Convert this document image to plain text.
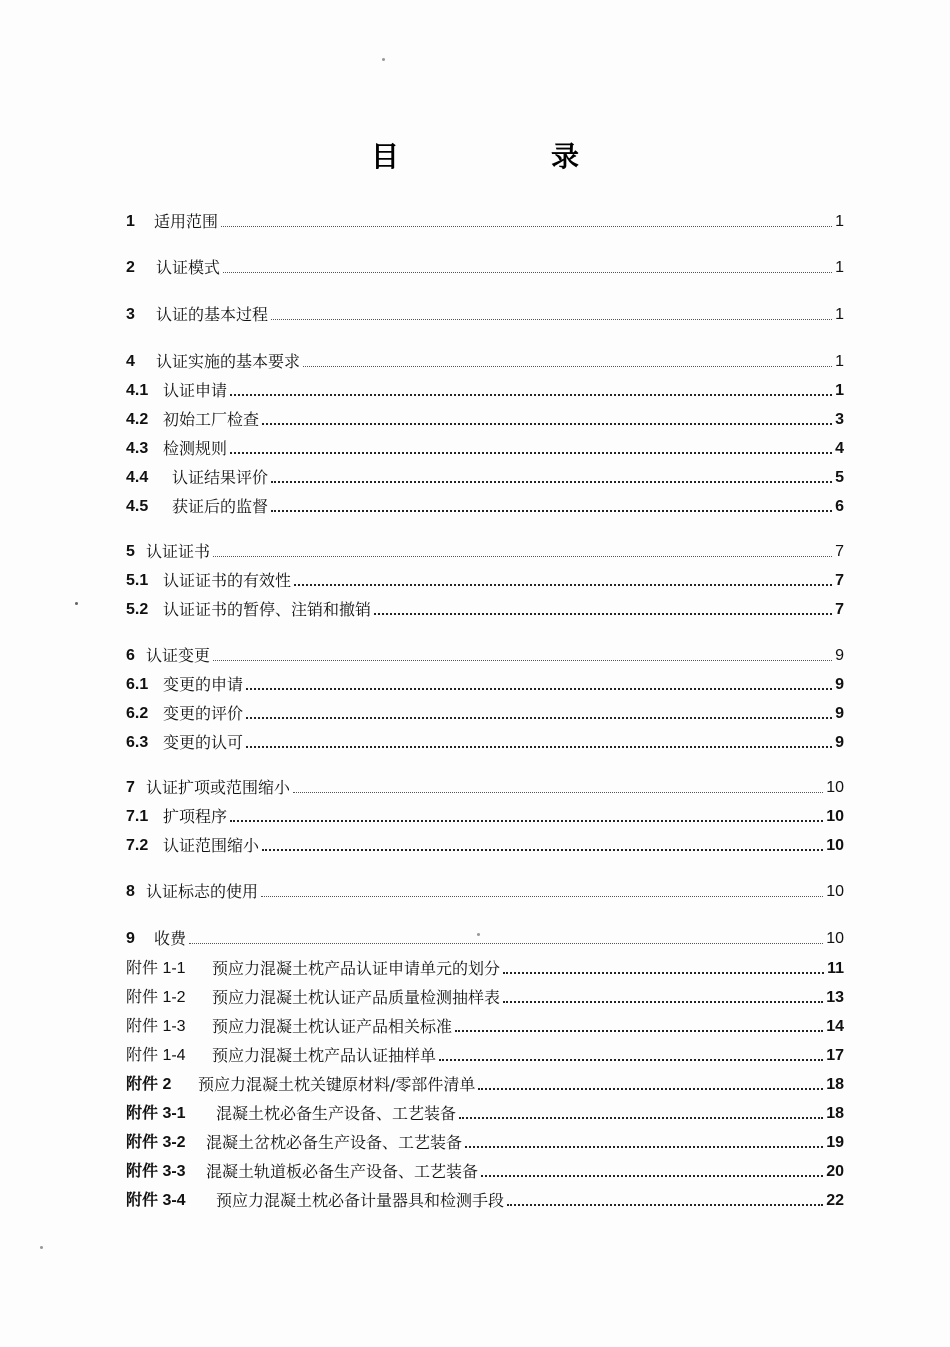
目　录
1	适用范围	1
2	认证模式	1
3	认证的基本过程	1
4	认证实施的基本要求	1
4.1 认证申请	1
4.2 初始工厂检查	3
4.3 检测规则	4
4.4	认证结果评价	5
4.5	获证后的监督	6
5 认证证书	7
5.1 认证证书的有效性	7
5.2 认证证书的暂停、注销和撤销	7
6 认证变更	9
6.1 变更的申请	9
6.2 变更的评价	9
6.3 变更的认可	9
7 认证扩项或范围缩小	10
7.1 扩项程序	10
7.2 认证范围缩小	10
8 认证标志的使用	10
9	收费	10
附件 1-1	预应力混凝土枕产品认证申请单元的划分	11
附件 1-2	预应力混凝土枕认证产品质量检测抽样表	13
附件 1-3	预应力混凝土枕认证产品相关标准	14
附件 1-4	预应力混凝土枕产品认证抽样单	17
附件 2	预应力混凝土枕关键原材料/零部件清单	18
附件 3-1	混凝土枕必备生产设备、工艺装备	18
附件 3-2	混凝土岔枕必备生产设备、工艺装备	19
附件 3-3	混凝土轨道板必备生产设备、工艺装备	20
附件 3-4	预应力混凝土枕必备计量器具和检测手段	22
